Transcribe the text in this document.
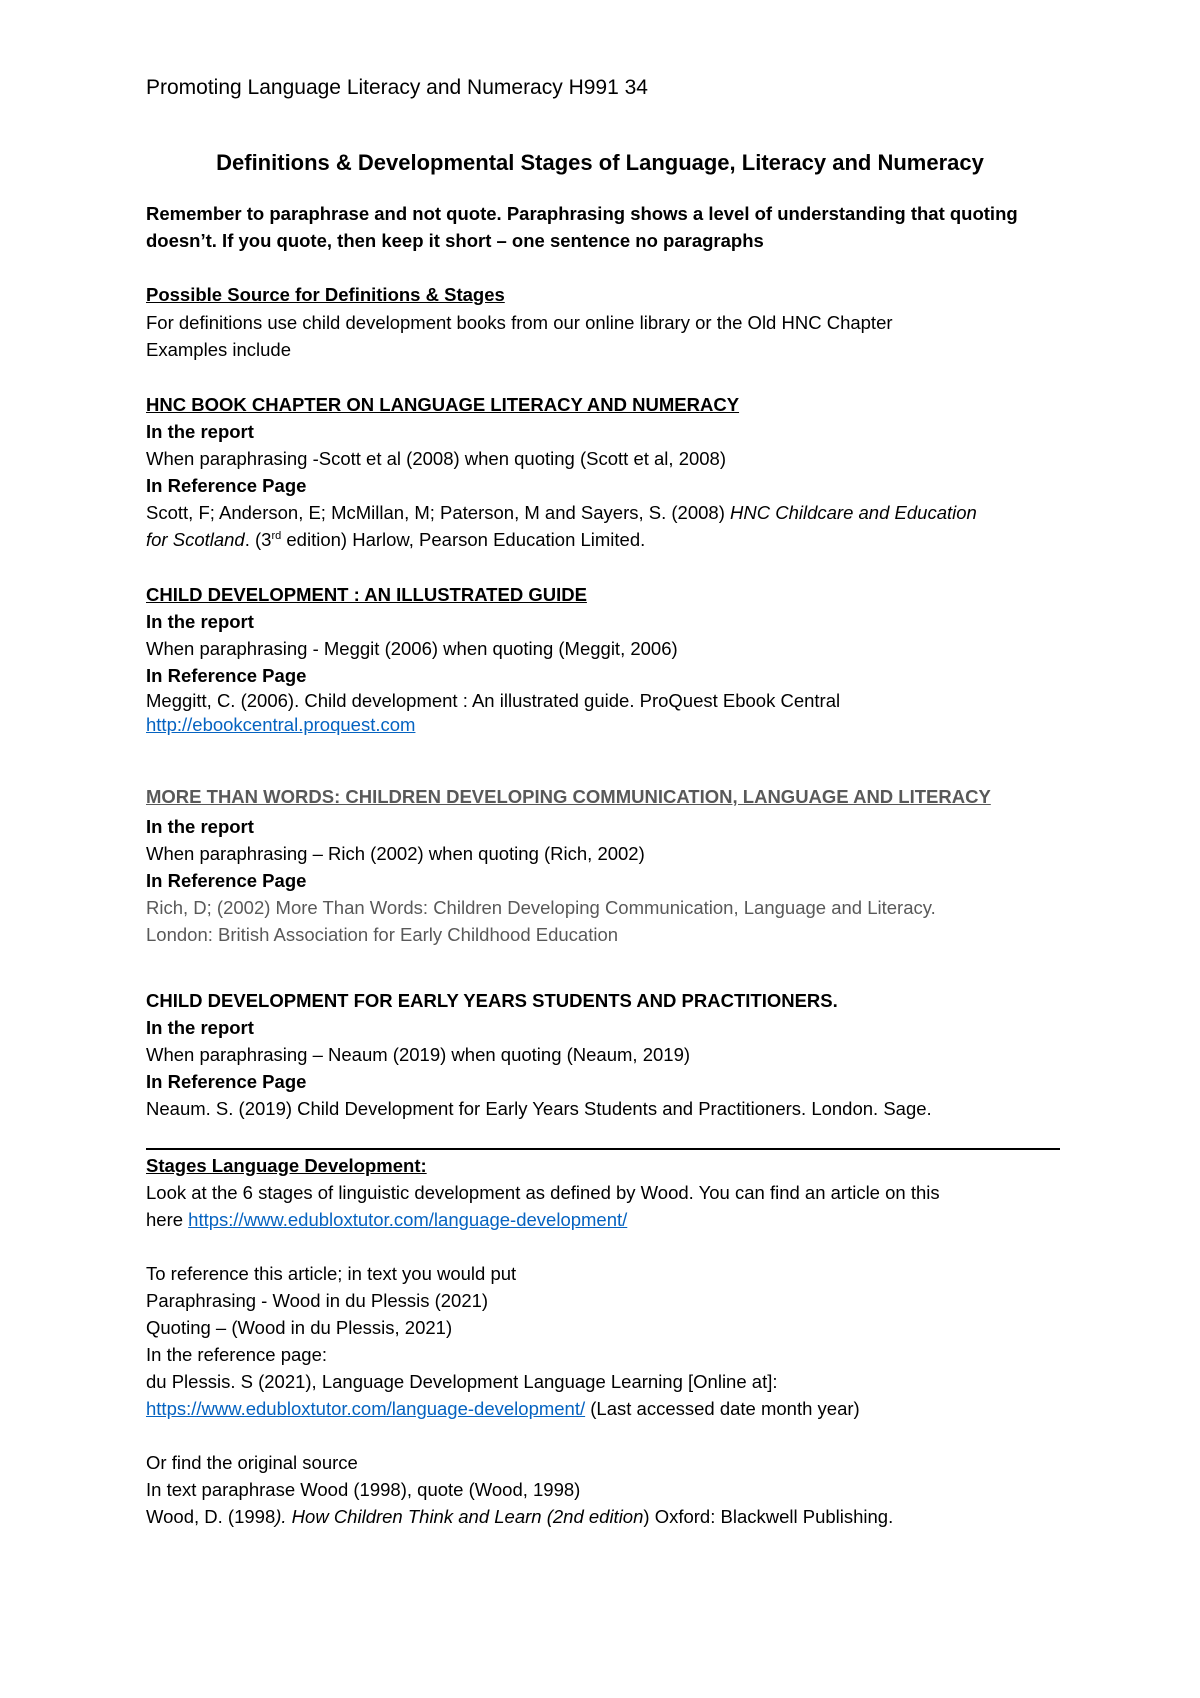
Promoting Language Literacy and Numeracy H991 34
Definitions & Developmental Stages of Language, Literacy and Numeracy
Remember to paraphrase and not quote. Paraphrasing shows a level of understanding that quoting
doesn’t. If you quote, then keep it short – one sentence no paragraphs
Possible Source for Definitions & Stages
For definitions use child development books from our online library or the Old HNC Chapter
Examples include
HNC BOOK CHAPTER ON LANGUAGE LITERACY AND NUMERACY
In the report
When paraphrasing -Scott et al (2008) when quoting (Scott et al, 2008)
In Reference Page
Scott, F; Anderson, E; McMillan, M; Paterson, M and Sayers, S. (2008) HNC Childcare and Education
for Scotland. (3rd edition) Harlow, Pearson Education Limited.
CHILD DEVELOPMENT : AN ILLUSTRATED GUIDE
In the report
When paraphrasing - Meggit (2006) when quoting (Meggit, 2006)
In Reference Page
Meggitt, C. (2006). Child development : An illustrated guide. ProQuest Ebook Central
http://ebookcentral.proquest.com
MORE THAN WORDS: CHILDREN DEVELOPING COMMUNICATION, LANGUAGE AND LITERACY
In the report
When paraphrasing – Rich (2002) when quoting (Rich, 2002)
In Reference Page
Rich, D; (2002) More Than Words: Children Developing Communication, Language and Literacy.
London: British Association for Early Childhood Education
CHILD DEVELOPMENT FOR EARLY YEARS STUDENTS AND PRACTITIONERS.
In the report
When paraphrasing – Neaum (2019) when quoting (Neaum, 2019)
In Reference Page
Neaum. S. (2019) Child Development for Early Years Students and Practitioners. London. Sage.
Stages Language Development:
Look at the 6 stages of linguistic development as defined by Wood. You can find an article on this
here https://www.edubloxtutor.com/language-development/
To reference this article; in text you would put
Paraphrasing - Wood in du Plessis (2021)
Quoting – (Wood in du Plessis, 2021)
In the reference page:
du Plessis. S (2021), Language Development Language Learning [Online at]:
https://www.edubloxtutor.com/language-development/ (Last accessed date month year)
Or find the original source
In text paraphrase Wood (1998), quote (Wood, 1998)
Wood, D. (1998). How Children Think and Learn (2nd edition) Oxford: Blackwell Publishing.
